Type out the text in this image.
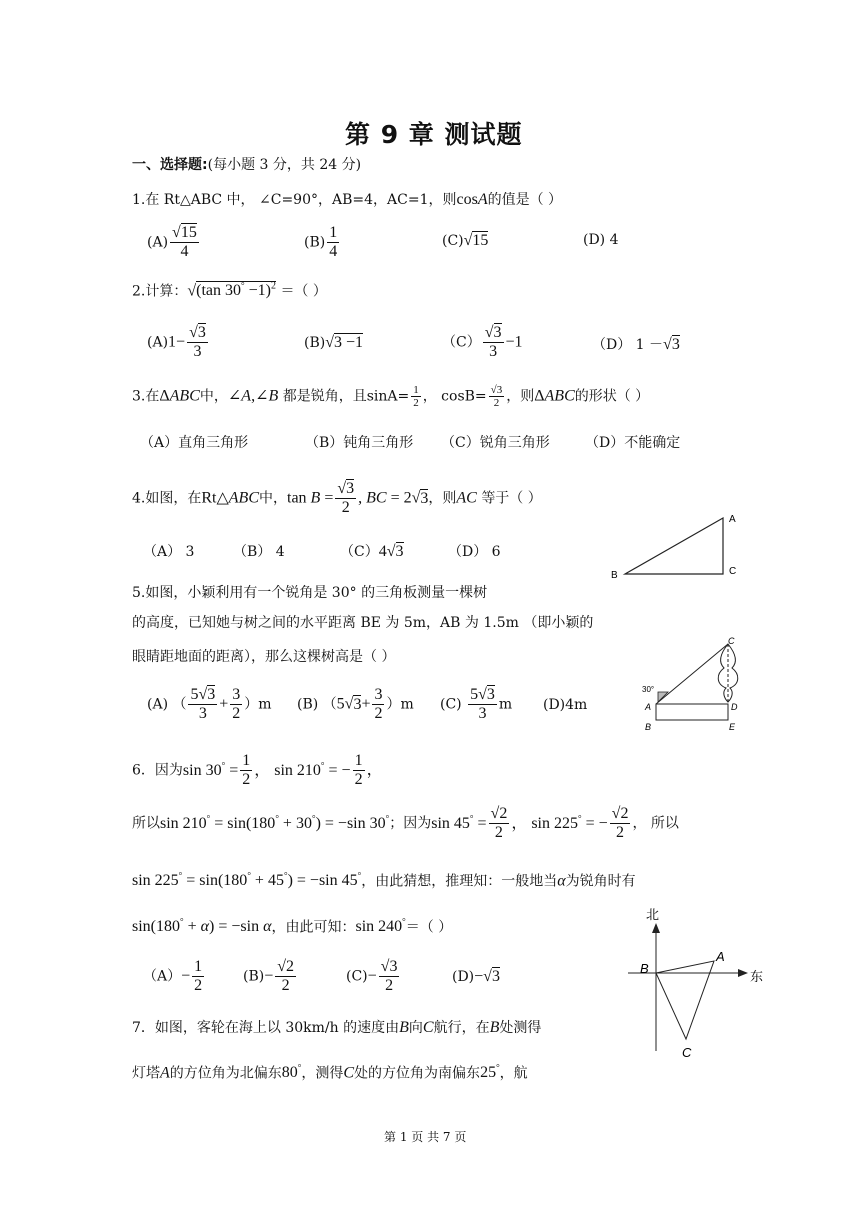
第 9 章 测试题
一、选择题:(每小题 3 分，共 24 分)
1.在 Rt△ABC 中， ∠C=90°，AB=4，AC=1，则cosA的值是（ ）
$(A) \frac{√15}{4}$	$(B) \frac{1}{4}$	(C)√15	(D) 4
2.计算：√(tan 30° −1)$^2$ ＝（ ）
$(A)1- \frac{√3}{3}$	(B)√3 −1	$(C) \frac{√3}{3} -1$	（D） 1 －√3
3.在ΔABC中，∠A,∠B 都是锐角，且$\sin A= \frac{1}{2}$ ， $\cos B= \frac{√3}{2}$ ，则ΔABC的形状（ ）
（A）直角三角形	（B）钝角三角形 （C）锐角三角形	（D）不能确定
4.如图，在Rt△ABC中，$\tan B = \frac{√3}{2}$ , BC = 2√3，则AC 等于（ ）
（A） 3	（B） 4	（C）4√3	（D） 6
A
C
B
5.如图，小颖利用有一个锐角是 30° 的三角板测量一棵树
的高度，已知她与树之间的水平距离 BE 为 5m，AB 为 1.5m （即小颖的
眼睛距地面的距离），那么这棵树高是（ ）
(A) （ $\frac{5√3}{3} + \frac{3}{2} )m$ (B) $(5√3+ \frac{3}{2} )m$ $(C) \frac{5√3}{3}$ m (D)4m
30°
A
B
C
D
E
6．因为$\sin 30^\circ = \frac{1}{2}$ ， sin 210° = − $\frac{1}{2}$ ，
所以sin 210° = sin(180° + 30°) = −sin 30°；因为$\sin 45^\circ = \frac{√2}{2}$ ， sin 225° = − $\frac{√2}{2}$ ， 所以
sin 225° = sin(180° + 45°) = −sin 45°，由此猜想，推理知：一般地当α为锐角时有
sin(180° + α) = −sin α，由此可知：sin 240°＝（ ）
$(A)- \frac{1}{2}$	$(B)- \frac{√2}{2}$	$(C)- \frac{√3}{2}$	(D)−√3
北
东
B
A
C
7．如图，客轮在海上以 30km/h 的速度由B向C航行，在B处测得
灯塔A的方位角为北偏东80°，测得C处的方位角为南偏东25°，航
第 1 页 共 7 页
